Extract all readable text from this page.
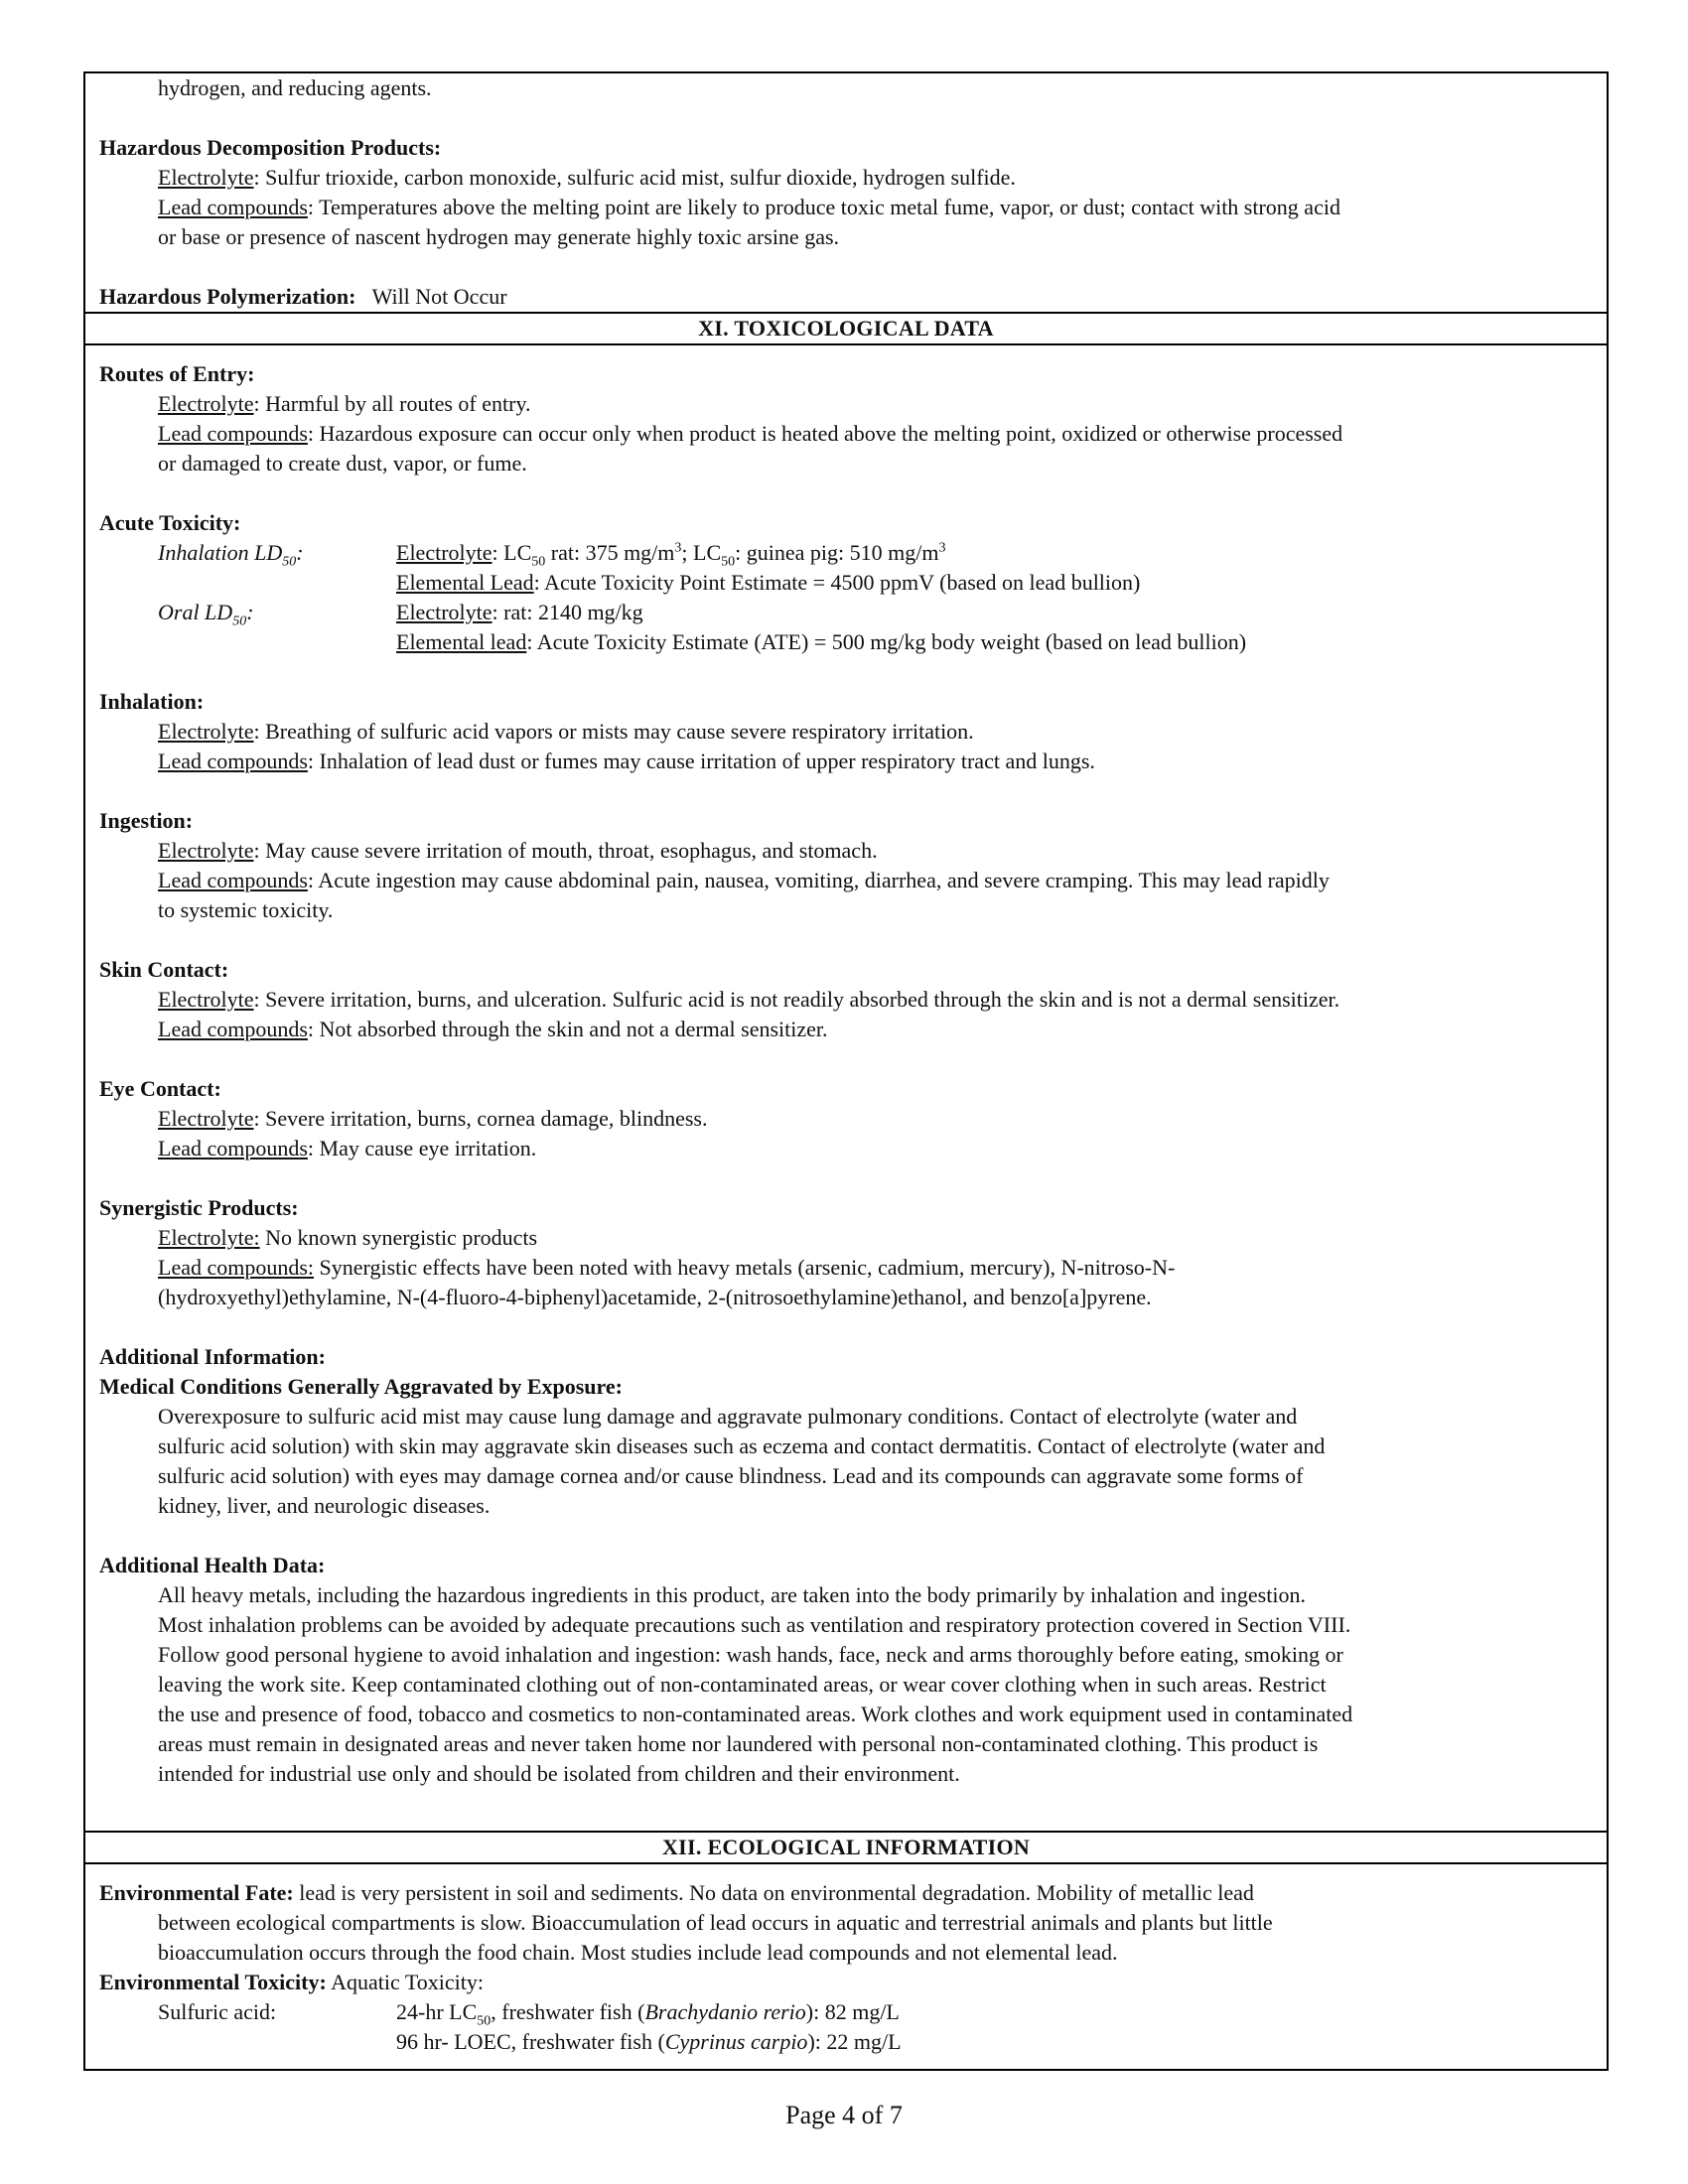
hydrogen, and reducing agents.
Hazardous Decomposition Products:
Electrolyte: Sulfur trioxide, carbon monoxide, sulfuric acid mist, sulfur dioxide, hydrogen sulfide.
Lead compounds: Temperatures above the melting point are likely to produce toxic metal fume, vapor, or dust; contact with strong acid
or base or presence of nascent hydrogen may generate highly toxic arsine gas.
Hazardous Polymerization: Will Not Occur
XI. TOXICOLOGICAL DATA
Routes of Entry:
Electrolyte: Harmful by all routes of entry.
Lead compounds: Hazardous exposure can occur only when product is heated above the melting point, oxidized or otherwise processed
or damaged to create dust, vapor, or fume.
Acute Toxicity:
Inhalation $LD_{50}$:	Electrolyte: $LC_{50}$ rat: 375 $mg/m^3$; $LC_{50}$: guinea pig: 510 $mg/m^3$
Elemental Lead: Acute Toxicity Point Estimate = 4500 ppmV (based on lead bullion)
Oral $LD_{50}$:	Electrolyte: rat: 2140 mg/kg
Elemental lead: Acute Toxicity Estimate (ATE) = 500 mg/kg body weight (based on lead bullion)
Inhalation:
Electrolyte: Breathing of sulfuric acid vapors or mists may cause severe respiratory irritation.
Lead compounds: Inhalation of lead dust or fumes may cause irritation of upper respiratory tract and lungs.
Ingestion:
Electrolyte: May cause severe irritation of mouth, throat, esophagus, and stomach.
Lead compounds: Acute ingestion may cause abdominal pain, nausea, vomiting, diarrhea, and severe cramping. This may lead rapidly
to systemic toxicity.
Skin Contact:
Electrolyte: Severe irritation, burns, and ulceration. Sulfuric acid is not readily absorbed through the skin and is not a dermal sensitizer.
Lead compounds: Not absorbed through the skin and not a dermal sensitizer.
Eye Contact:
Electrolyte: Severe irritation, burns, cornea damage, blindness.
Lead compounds: May cause eye irritation.
Synergistic Products:
Electrolyte: No known synergistic products
Lead compounds: Synergistic effects have been noted with heavy metals (arsenic, cadmium, mercury), N-nitroso-N-
(hydroxyethyl)ethylamine, N-(4-fluoro-4-biphenyl)acetamide, 2-(nitrosoethylamine)ethanol, and benzo[a]pyrene.
Additional Information:
Medical Conditions Generally Aggravated by Exposure:
Overexposure to sulfuric acid mist may cause lung damage and aggravate pulmonary conditions. Contact of electrolyte (water and
sulfuric acid solution) with skin may aggravate skin diseases such as eczema and contact dermatitis. Contact of electrolyte (water and
sulfuric acid solution) with eyes may damage cornea and/or cause blindness. Lead and its compounds can aggravate some forms of
kidney, liver, and neurologic diseases.
Additional Health Data:
All heavy metals, including the hazardous ingredients in this product, are taken into the body primarily by inhalation and ingestion.
Most inhalation problems can be avoided by adequate precautions such as ventilation and respiratory protection covered in Section VIII.
Follow good personal hygiene to avoid inhalation and ingestion: wash hands, face, neck and arms thoroughly before eating, smoking or
leaving the work site. Keep contaminated clothing out of non-contaminated areas, or wear cover clothing when in such areas. Restrict
the use and presence of food, tobacco and cosmetics to non-contaminated areas. Work clothes and work equipment used in contaminated
areas must remain in designated areas and never taken home nor laundered with personal non-contaminated clothing. This product is
intended for industrial use only and should be isolated from children and their environment.
XII. ECOLOGICAL INFORMATION
Environmental Fate: lead is very persistent in soil and sediments. No data on environmental degradation. Mobility of metallic lead
between ecological compartments is slow. Bioaccumulation of lead occurs in aquatic and terrestrial animals and plants but little
bioaccumulation occurs through the food chain. Most studies include lead compounds and not elemental lead.
Environmental Toxicity: Aquatic Toxicity:
Sulfuric acid:	24-hr $LC_{50}$, freshwater fish (Brachydanio rerio): 82 mg/L
96 hr- LOEC, freshwater fish (Cyprinus carpio): 22 mg/L
Page 4 of 7
